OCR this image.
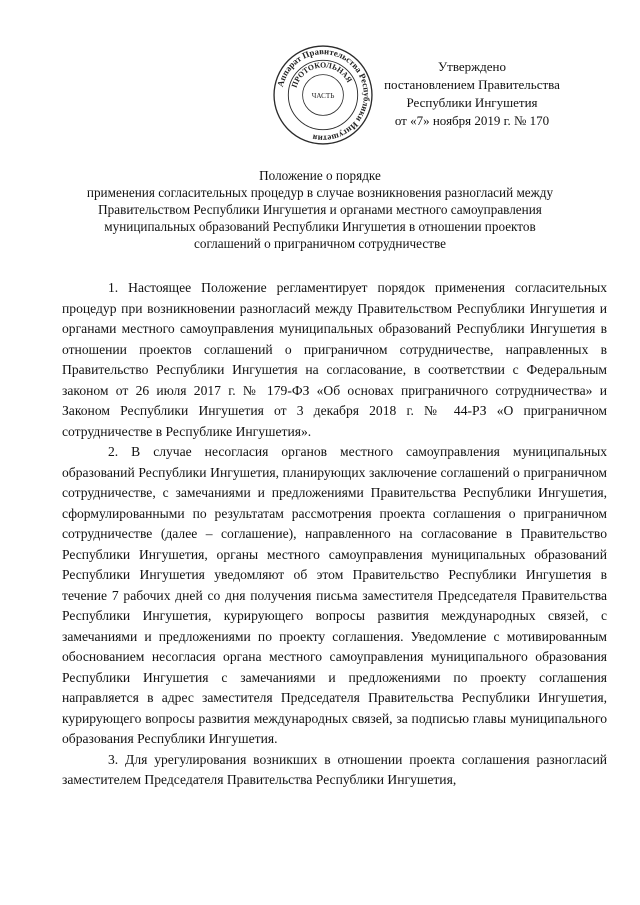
Аппарат Правительства Республики Ингушетия
ПРОТОКОЛЬНАЯ
ЧАСТЬ
Утверждено
постановлением Правительства
Республики Ингушетия
от «7» ноября 2019 г. № 170
Положение о порядке
применения согласительных процедур в случае возникновения разногласий между
Правительством Республики Ингушетия и органами местного самоуправления
муниципальных образований Республики Ингушетия в отношении проектов
соглашений о приграничном сотрудничестве

1. Настоящее Положение регламентирует порядок применения согласительных процедур при возникновении разногласий между Правительством Республики Ингушетия и органами местного самоуправления муниципальных образований Республики Ингушетия в отношении проектов соглашений о приграничном сотрудничестве, направленных в Правительство Республики Ингушетия на согласование, в соответствии с Федеральным законом от 26 июля 2017 г. № 179-ФЗ «Об основах приграничного сотрудничества» и Законом Республики Ингушетия от 3 декабря 2018 г. № 44-РЗ «О приграничном сотрудничестве в Республике Ингушетия».

2. В случае несогласия органов местного самоуправления муниципальных образований Республики Ингушетия, планирующих заключение соглашений о приграничном сотрудничестве, с замечаниями и предложениями Правительства Республики Ингушетия, сформулированными по результатам рассмотрения проекта соглашения о приграничном сотрудничестве (далее – соглашение), направленного на согласование в Правительство Республики Ингушетия, органы местного самоуправления муниципальных образований Республики Ингушетия уведомляют об этом Правительство Республики Ингушетия в течение 7 рабочих дней со дня получения письма заместителя Председателя Правительства Республики Ингушетия, курирующего вопросы развития международных связей, с замечаниями и предложениями по проекту соглашения. Уведомление с мотивированным обоснованием несогласия органа местного самоуправления муниципального образования Республики Ингушетия с замечаниями и предложениями по проекту соглашения направляется в адрес заместителя Председателя Правительства Республики Ингушетия, курирующего вопросы развития международных связей, за подписью главы муниципального образования Республики Ингушетия.

3. Для урегулирования возникших в отношении проекта соглашения разногласий заместителем Председателя Правительства Республики Ингушетия,
